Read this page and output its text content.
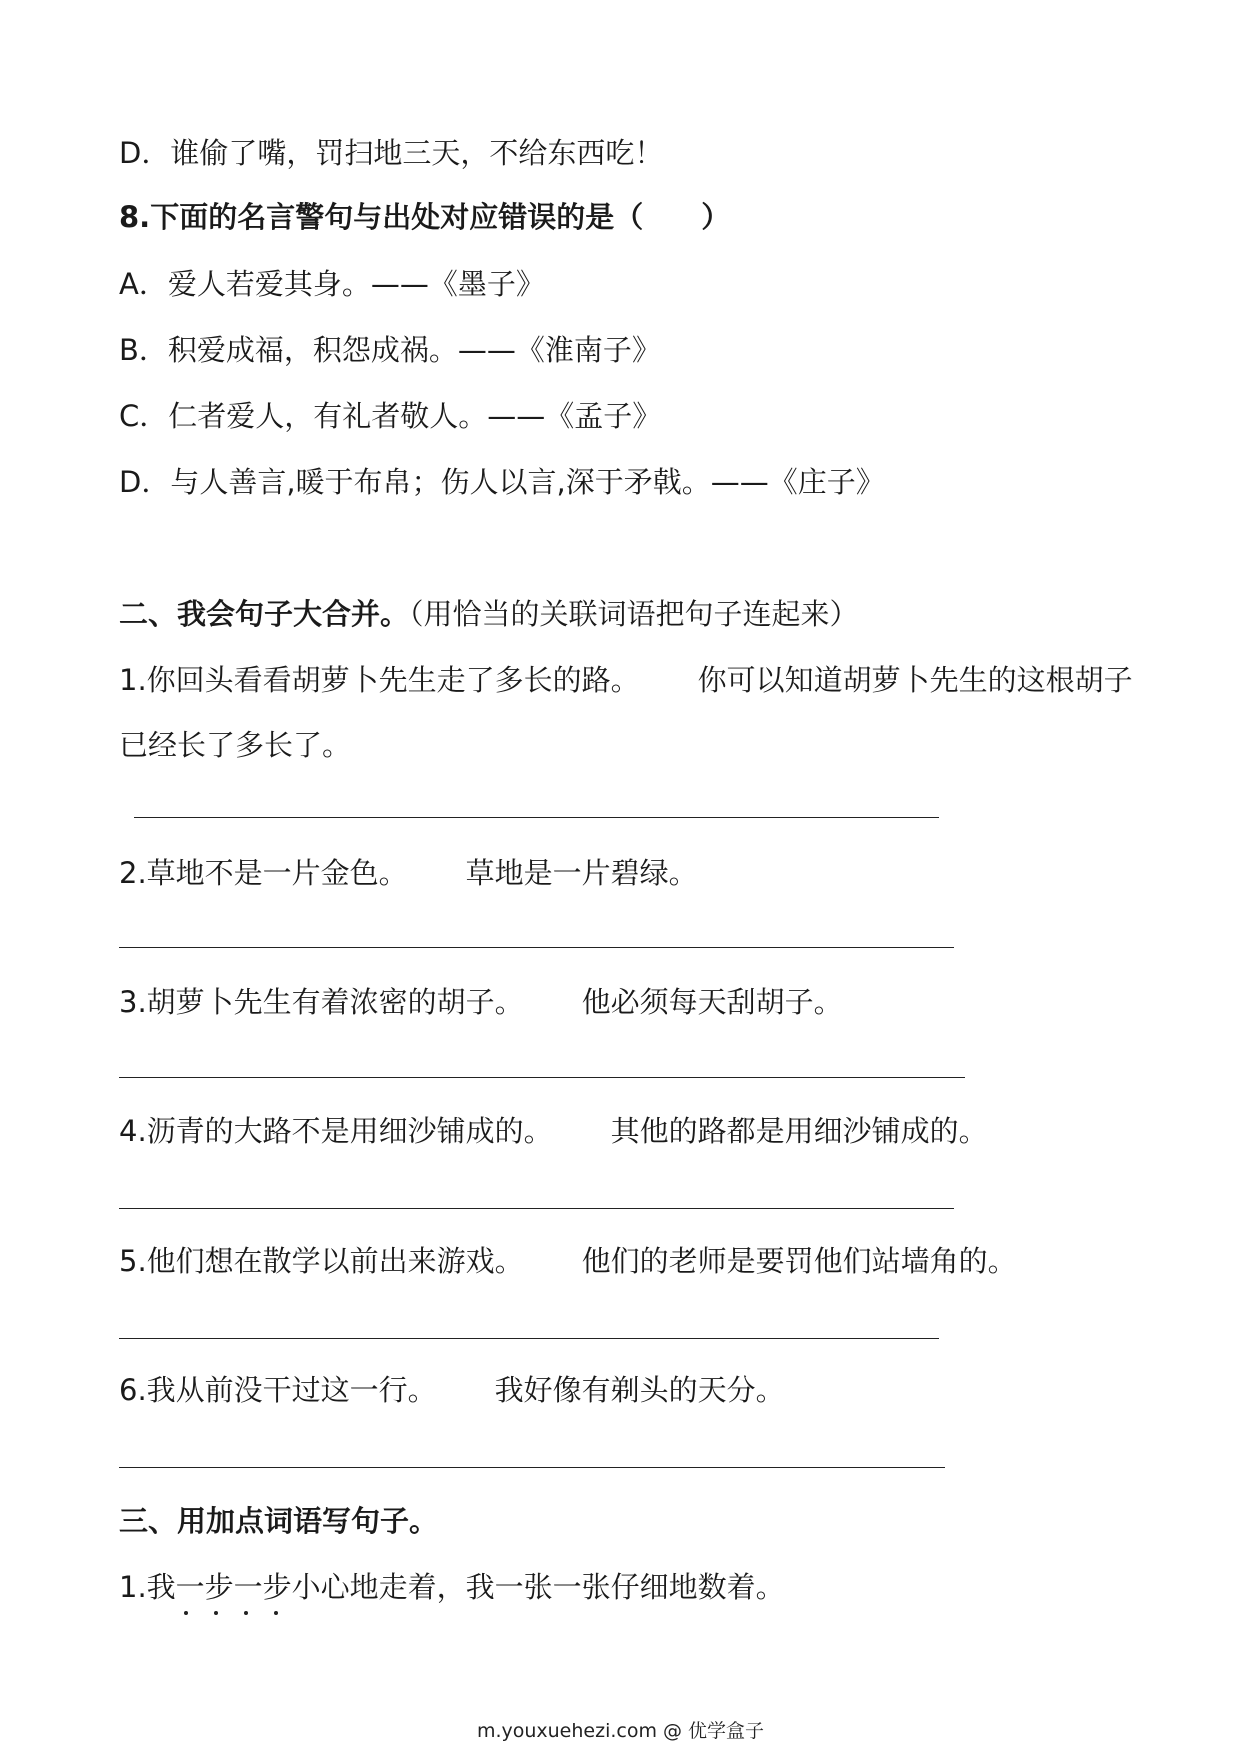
D．谁偷了嘴，罚扫地三天，不给东西吃！
8.下面的名言警句与出处对应错误的是（　　）
A．爱人若爱其身。——《墨子》
B．积爱成福，积怨成祸。——《淮南子》
C．仁者爱人，有礼者敬人。——《孟子》
D．与人善言,暖于布帛；伤人以言,深于矛戟。——《庄子》
二、我会句子大合并。（用恰当的关联词语把句子连起来）
1.你回头看看胡萝卜先生走了多长的路。 你可以知道胡萝卜先生的这根胡子
已经长了多长了。
2.草地不是一片金色。 草地是一片碧绿。
3.胡萝卜先生有着浓密的胡子。 他必须每天刮胡子。
4.沥青的大路不是用细沙铺成的。 其他的路都是用细沙铺成的。
5.他们想在散学以前出来游戏。 他们的老师是要罚他们站墙角的。
6.我从前没干过这一行。 我好像有剃头的天分。
三、用加点词语写句子。
1.我一步一步小心地走着，我一张一张仔细地数着。
m.youxuehezi.com @ 优学盒子
